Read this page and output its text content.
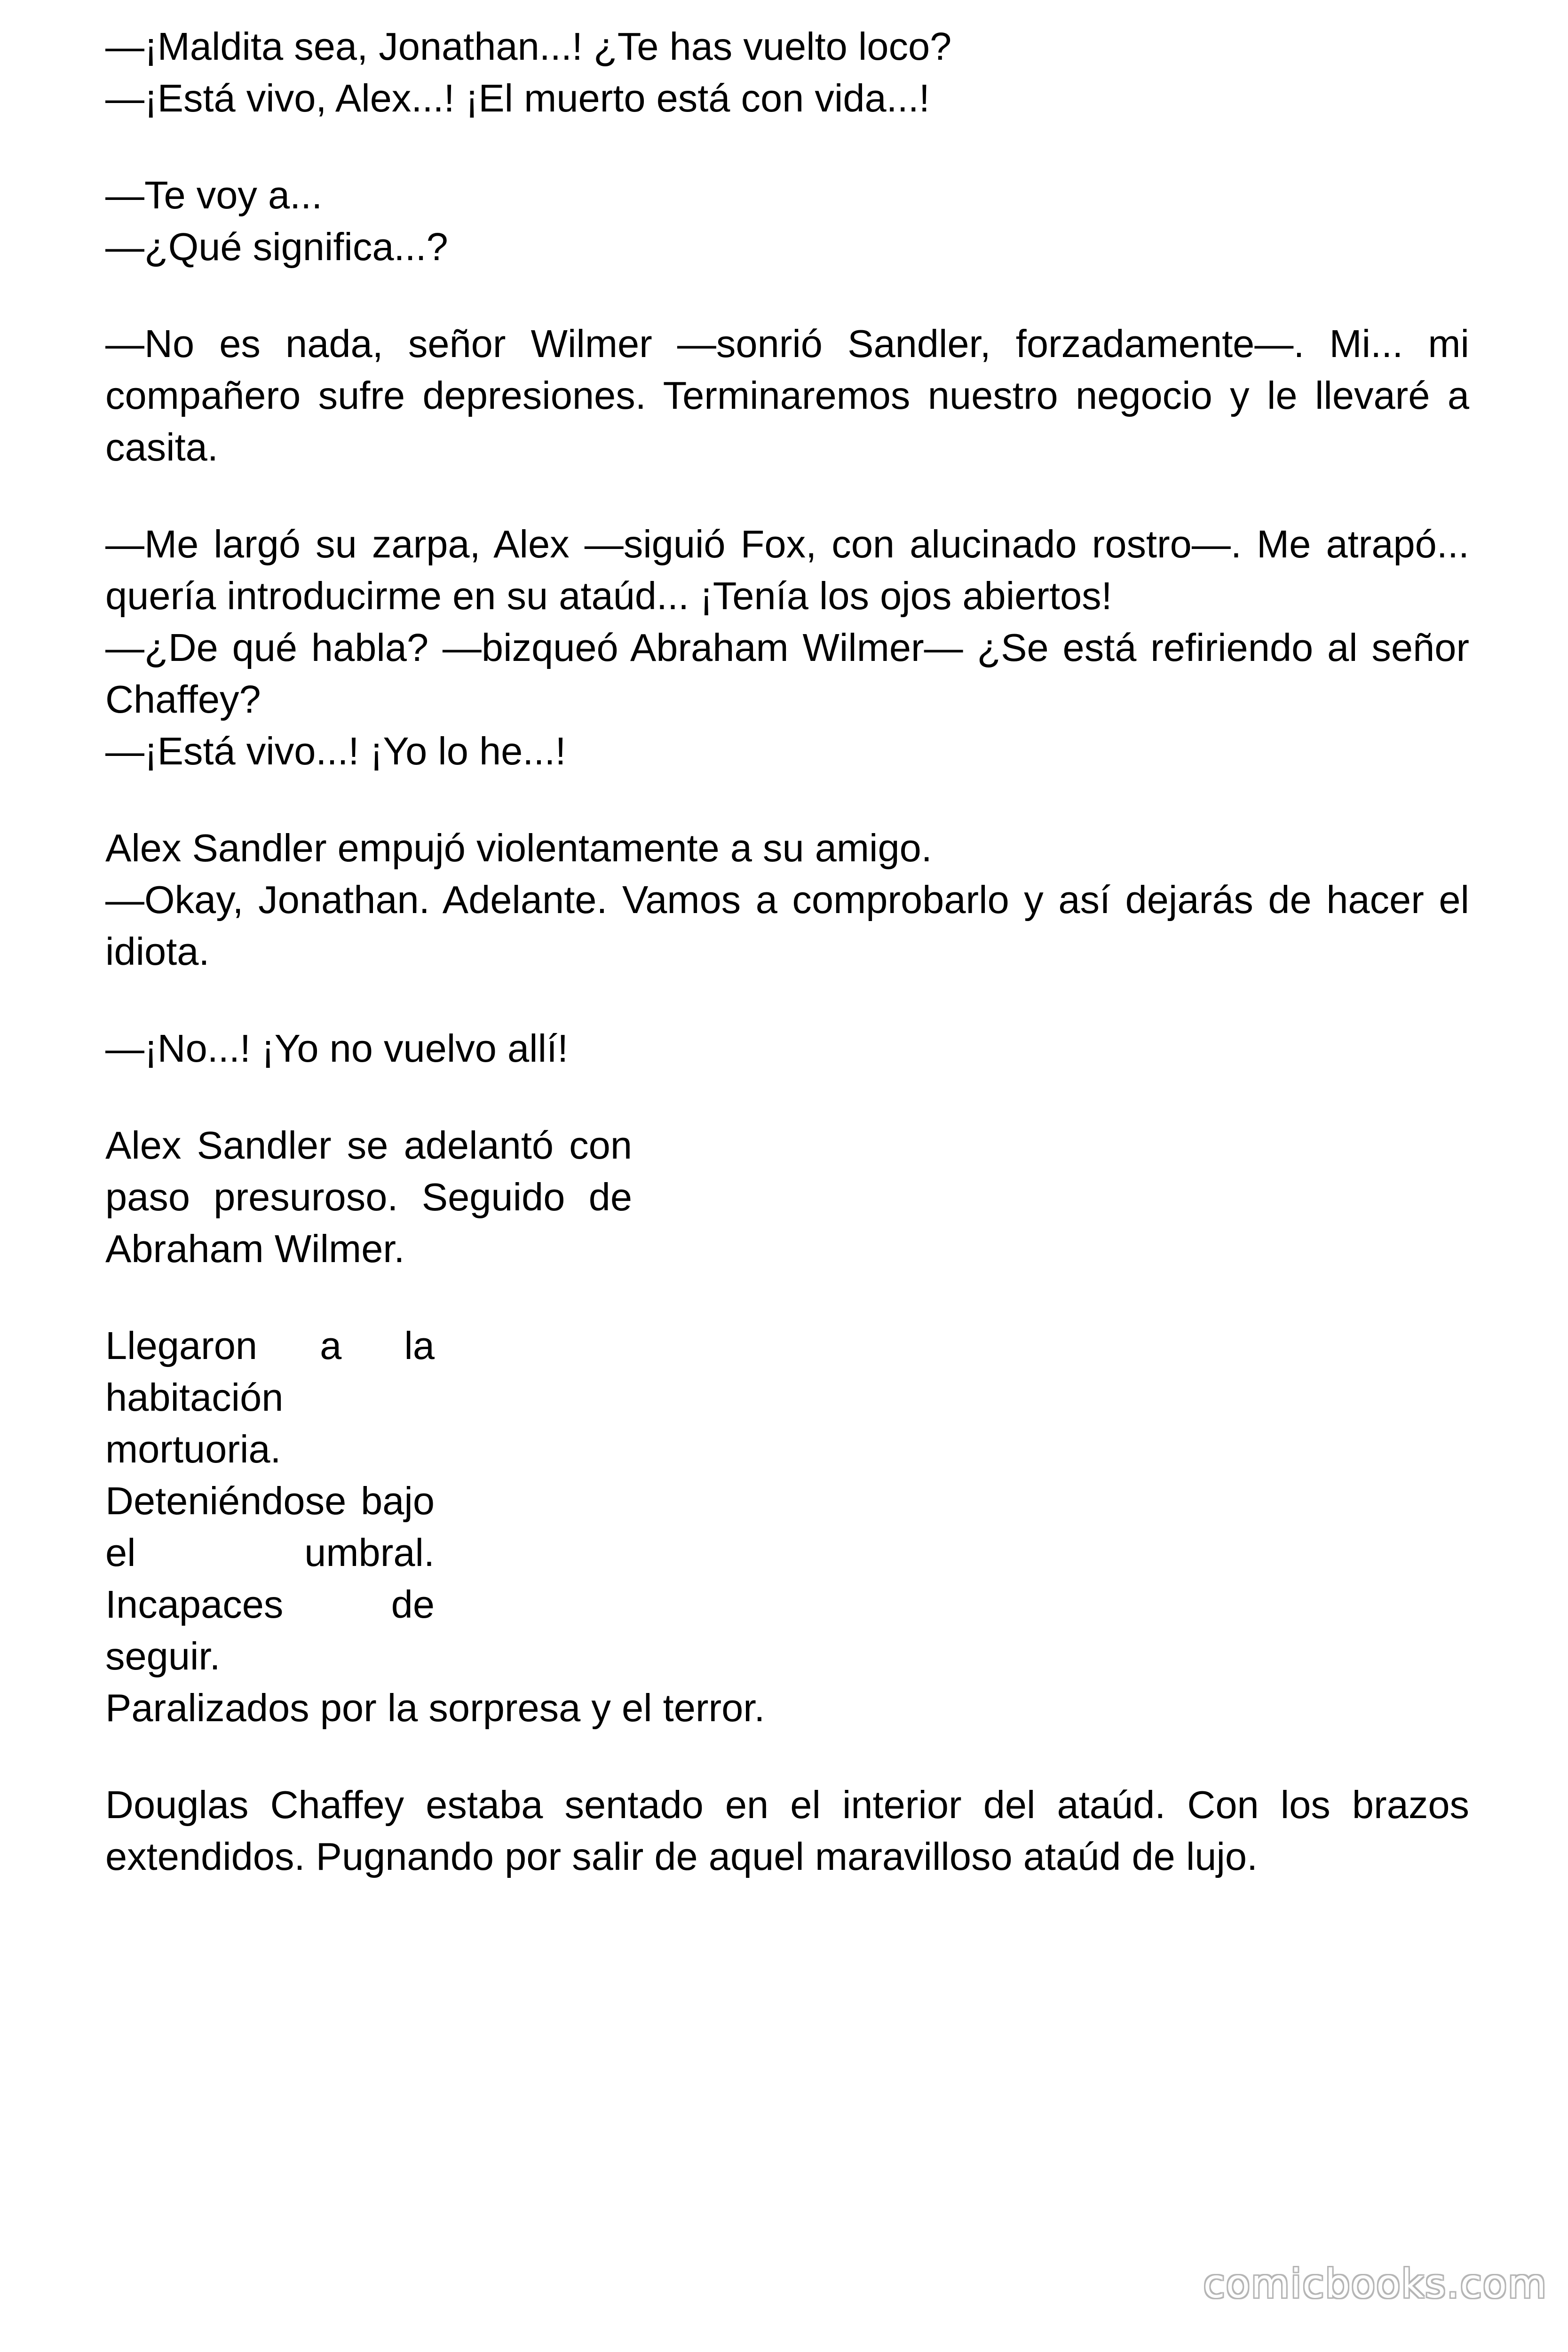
—¡Maldita sea, Jonathan...! ¿Te has vuelto loco?
—¡Está vivo, Alex...! ¡El muerto está con vida...!
—Te voy a...
—¿Qué significa...?
—No es nada, señor Wilmer —sonrió Sandler, forzadamente—. Mi... mi compañero sufre depresiones. Terminaremos nuestro negocio y le llevaré a casita.
—Me largó su zarpa, Alex —siguió Fox, con alucinado rostro—. Me atrapó... quería introducirme en su ataúd... ¡Tenía los ojos abiertos!
—¿De qué habla? —bizqueó Abraham Wilmer— ¿Se está refiriendo al señor Chaffey?
—¡Está vivo...! ¡Yo lo he...!
Alex Sandler empujó violentamente a su amigo.
—Okay, Jonathan. Adelante. Vamos a comprobarlo y así dejarás de hacer el idiota.
—¡No...! ¡Yo no vuelvo allí!
Alex Sandler se adelantó con paso presuroso. Seguido de Abraham Wilmer.
Llegaron a la habitación mortuoria. Deteniéndose bajo el umbral. Incapaces de seguir.
Paralizados por la sorpresa y el terror.
Douglas Chaffey estaba sentado en el interior del ataúd. Con los brazos extendidos. Pugnando por salir de aquel maravilloso ataúd de lujo.
comicbooks.com
